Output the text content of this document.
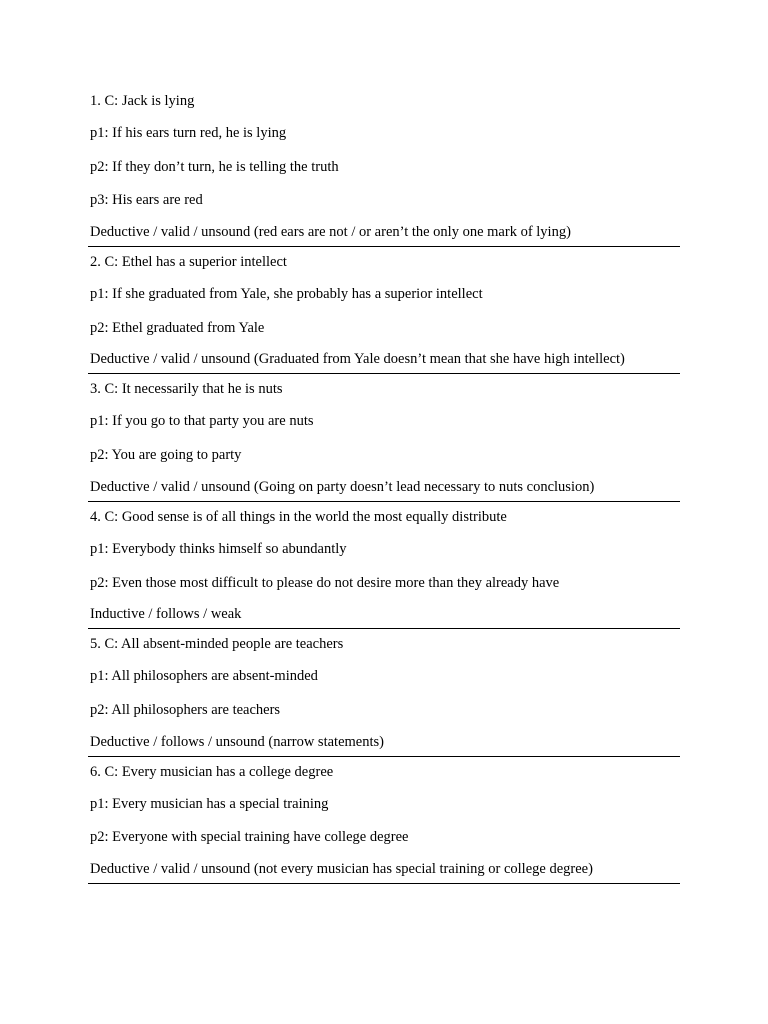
1. C: Jack is lying
p1: If his ears turn red, he is lying
p2: If they don’t turn, he is telling the truth
p3: His ears are red
Deductive / valid / unsound (red ears are not / or aren’t the only one mark of lying)
2. C: Ethel has a superior intellect
p1: If she graduated from Yale, she probably has a superior intellect
p2: Ethel graduated from Yale
Deductive / valid / unsound (Graduated from Yale doesn’t mean that she have high intellect)
3. C: It necessarily that he is nuts
p1: If you go to that party you are nuts
p2: You are going to party
Deductive / valid / unsound (Going on party doesn’t lead necessary to nuts conclusion)
4. C: Good sense is of all things in the world the most equally distribute
p1: Everybody thinks himself so abundantly
p2: Even those most difficult to please do not desire more than they already have
Inductive / follows / weak
5. C: All absent-minded people are teachers
p1: All philosophers are absent-minded
p2: All philosophers are teachers
Deductive / follows / unsound (narrow statements)
6. C: Every musician has a college degree
p1: Every musician has a special training
p2: Everyone with special training have college degree
Deductive / valid / unsound (not every musician has special training or college degree)
